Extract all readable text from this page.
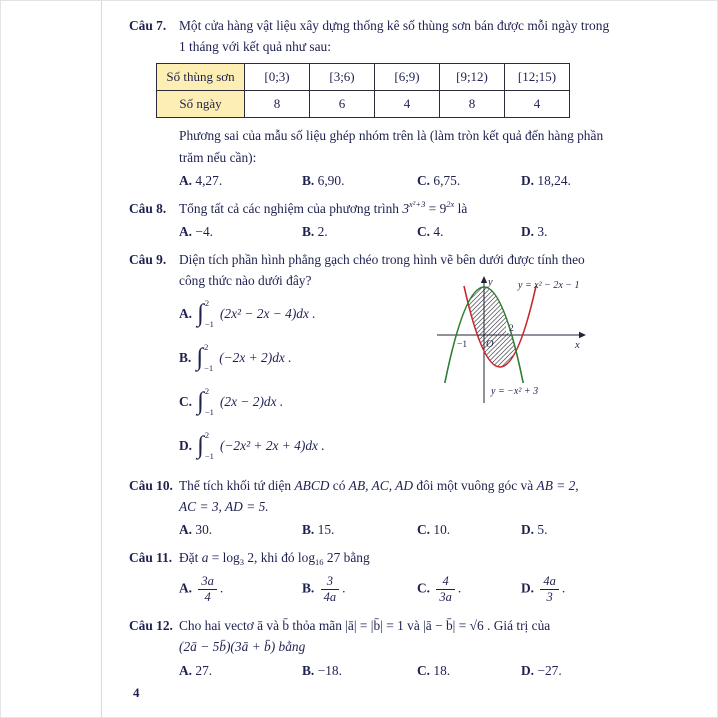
Câu 7. Một cửa hàng vật liệu xây dựng thống kê số thùng sơn bán được mỗi ngày trong
1 tháng với kết quả như sau:
Số thùng sơn	[0;3)	[3;6)	[6;9)	[9;12)	[12;15)
Số ngày	8	6	4	8	4
Phương sai của mẫu số liệu ghép nhóm trên là (làm tròn kết quả đến hàng phần
trăm nếu cần):
A. 4,27.	B. 6,90.	C. 6,75.	D. 18,24.
Câu 8. Tổng tất cả các nghiệm của phương trình $3^{x^2+3} = 9^{2x}$ là
A. −4.	B. 2.	C. 4.	D. 3.
Câu 9. Diện tích phần hình phẳng gạch chéo trong hình vẽ bên dưới được tính theo
công thức nào dưới đây?
A. ∫ 2
−1
(2x² − 2x − 4)dx .
B. ∫ 2
−1
(−2x + 2)dx .
C. ∫ 2
−1
(2x − 2)dx .
D. ∫ 2
−1
(−2x² + 2x + 4)dx .
y = x² − 2x − 1
y = −x² + 3
y
x
O
−1
2
Câu 10. Thể tích khối tứ diện ABCD có AB, AC, AD đôi một vuông góc và AB = 2,
AC = 3, AD = 5.
A. 30.	B. 15.	C. 10.	D. 5.
Câu 11. Đặt $a = \log_3 2$, khi đó $\log_{16} 27$ bằng
A. $\frac{3a}{4}$ .	B. $\frac{3}{4a}$ .	C. $\frac{4}{3a}$ .	D. $\frac{4a}{3}$ .
Câu 12. Cho hai vectơ ā và b̄ thỏa mãn |ā| = |b̄| = 1 và |ā − b̄| = √6 . Giá trị của
(2ā − 5b̄)(3ā + b̄) bằng
A. 27.	B. −18.	C. 18.	D. −27.
4
